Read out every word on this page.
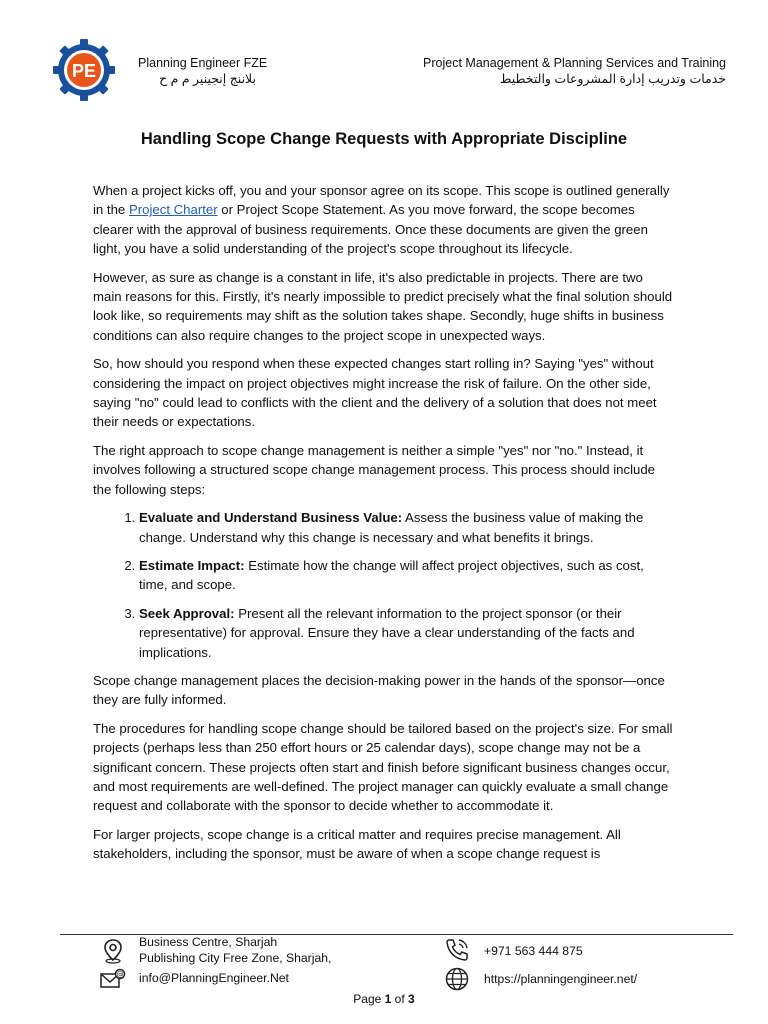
PE	Planning Engineer FZE
بلاننج إنجينير م م ح
Project Management & Planning Services and Training
خدمات وتدريب إدارة المشروعات والتخطيط
Handling Scope Change Requests with Appropriate Discipline

When a project kicks off, you and your sponsor agree on its scope. This scope is outlined generally in the Project Charter or Project Scope Statement. As you move forward, the scope becomes clearer with the approval of business requirements. Once these documents are given the green light, you have a solid understanding of the project's scope throughout its lifecycle.

However, as sure as change is a constant in life, it's also predictable in projects. There are two main reasons for this. Firstly, it's nearly impossible to predict precisely what the final solution should look like, so requirements may shift as the solution takes shape. Secondly, huge shifts in business conditions can also require changes to the project scope in unexpected ways.

So, how should you respond when these expected changes start rolling in? Saying "yes" without considering the impact on project objectives might increase the risk of failure. On the other side, saying "no" could lead to conflicts with the client and the delivery of a solution that does not meet their needs or expectations.

The right approach to scope change management is neither a simple "yes" nor "no." Instead, it involves following a structured scope change management process. This process should include the following steps:

1. Evaluate and Understand Business Value: Assess the business value of making the change. Understand why this change is necessary and what benefits it brings.
2. Estimate Impact: Estimate how the change will affect project objectives, such as cost, time, and scope.
3. Seek Approval: Present all the relevant information to the project sponsor (or their representative) for approval. Ensure they have a clear understanding of the facts and implications.

Scope change management places the decision-making power in the hands of the sponsor—once they are fully informed.

The procedures for handling scope change should be tailored based on the project's size. For small projects (perhaps less than 250 effort hours or 25 calendar days), scope change may not be a significant concern. These projects often start and finish before significant business changes occur, and most requirements are well-defined. The project manager can quickly evaluate a small change request and collaborate with the sponsor to decide whether to accommodate it.

For larger projects, scope change is a critical matter and requires precise management. All stakeholders, including the sponsor, must be aware of when a scope change request is

Business Centre, Sharjah
Publishing City Free Zone, Sharjah,
@ info@PlanningEngineer.Net
+971 563 444 875
https://planningengineer.net/
Page 1 of 3
